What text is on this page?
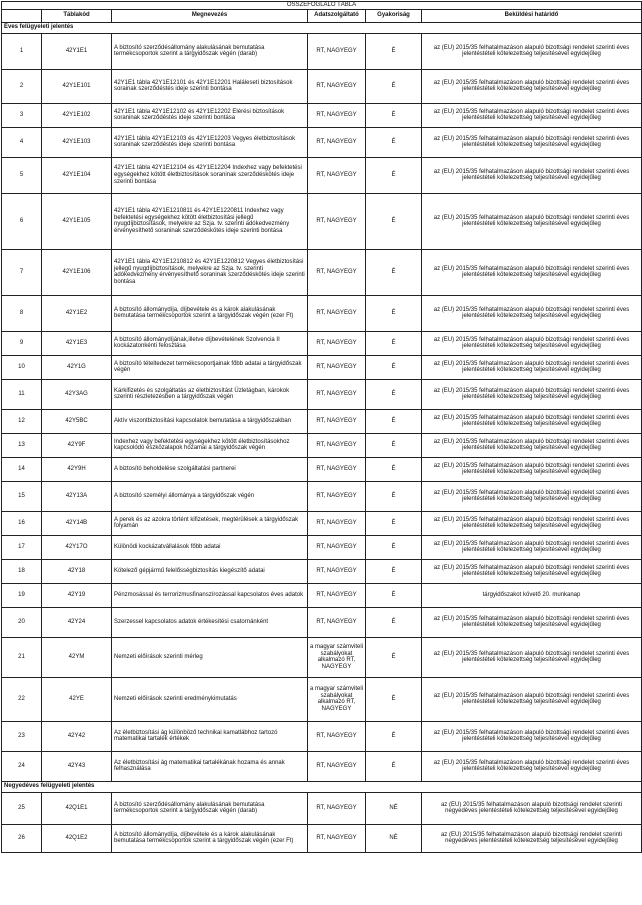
ÖSSZEFOGLALÓ TÁBLA					
	Táblakód	Megnevezés	Adatszolgáltató	Gyakoriság	Beküldési határidő
Éves felügyeleti jelentés					
1	42Y1E1	A biztosító szerződésállomány alakulásának bemutatása termékcsoportok szerint a tárgyidőszak végén (darab)	RT, NAGYEGY	É	az (EU) 2015/35 felhatalmazáson alapuló bizottsági rendelet szerinti éves jelentéstételi kötelezettség teljesítésével egyidejűleg
2	42Y1E101	42Y1E1 tábla 42Y1E12101 és 42Y1E12201 Halálesetí biztosítások sorainak szerződéstés ideje szerinti bontása	RT, NAGYEGY	É	az (EU) 2015/35 felhatalmazáson alapuló bizottsági rendelet szerinti éves jelentéstételi kötelezettség teljesítésével egyidejűleg
3	42Y1E102	42Y1E1 tábla 42Y1E12102 és 42Y1E12202 Elérési biztosítások soraninak szerződéstés ideje szerinti bontása	RT, NAGYEGY	É	az (EU) 2015/35 felhatalmazáson alapuló bizottsági rendelet szerinti éves jelentéstételi kötelezettség teljesítésével egyidejűleg
4	42Y1E103	42Y1E1 tábla 42Y1E12103 és 42Y1E12203 Vegyes életbiztosítások soraninak szerződéstés ideje szerinti bontása	RT, NAGYEGY	É	az (EU) 2015/35 felhatalmazáson alapuló bizottsági rendelet szerinti éves jelentéstételi kötelezettség teljesítésével egyidejűleg
5	42Y1E104	42Y1E1 tábla 42Y1E12104 és 42Y1E12204 Indexhez vagy befektetési egységekhez kötött életbiztosítások soraninak szerződéskötés ideje szerinti bontása	RT, NAGYEGY	É	az (EU) 2015/35 felhatalmazáson alapuló bizottsági rendelet szerinti éves jelentéstételi kötelezettség teljesítésével egyidejűleg
6	42Y1E105	42Y1E1 tábla 42Y1E1210811 és 42Y1E1220811 Indexhez vagy befektetési egységekhez kötött életbiztosítási jellegű nyugdíjbiztosítások, melyekre az Szja. tv. szerinti adókedvezmény érvényesíthető soraninak szerződéskötés ideje szerinti bontása	RT, NAGYEGY	É	az (EU) 2015/35 felhatalmazáson alapuló bizottsági rendelet szerinti éves jelentéstételi kötelezettség teljesítésével egyidejűleg
7	42Y1E106	42Y1E1 tábla 42Y1E1210812 és 42Y1E1220812 Vegyes életbiztosítási jellegű nyugdíjbiztosítások, melyekre az Szja. tv. szerinti adókedvezmény érvényesíthető soraninak szerződéskötés ideje szerinti bontása	RT, NAGYEGY	É	az (EU) 2015/35 felhatalmazáson alapuló bizottsági rendelet szerinti éves jelentéstételi kötelezettség teljesítésével egyidejűleg
8	42Y1E2	A biztosító állománydíja, díjbevétele és a károk alakulásának bemutatása termékcsoportok szerint a tárgyidőszak végén (ezer Ft)	RT, NAGYEGY	É	az (EU) 2015/35 felhatalmazáson alapuló bizottsági rendelet szerinti éves jelentéstételi kötelezettség teljesítésével egyidejűleg
9	42Y1E3	A biztosító állománydíjának,illetve díjbevételének Szolvencia II kockázatonkénti felosztása	RT, NAGYEGY	É	az (EU) 2015/35 felhatalmazáson alapuló bizottsági rendelet szerinti éves jelentéstételi kötelezettség teljesítésével egyidejűleg
10	42Y1G	A biztosító tételtedezet termékcsoportjainak főbb adatai a tárgyidőszak végén	RT, NAGYEGY	É	az (EU) 2015/35 felhatalmazáson alapuló bizottsági rendelet szerinti éves jelentéstételi kötelezettség teljesítésével egyidejűleg
11	42Y3AG	Kárkifizetés és szolgáltatás az életbiztosítást Üzletágban, károkok szerinti részletezésben a tárgyidőszak végén	RT, NAGYEGY	É	az (EU) 2015/35 felhatalmazáson alapuló bizottsági rendelet szerinti éves jelentéstételi kötelezettség teljesítésével egyidejűleg
12	42Y5BC	Aktív viszontbiztosítási kapcsolatok bemutatása a tárgyidőszakban	RT, NAGYEGY	É	az (EU) 2015/35 felhatalmazáson alapuló bizottsági rendelet szerinti éves jelentéstételi kötelezettség teljesítésével egyidejűleg
13	42Y9F	Indexhez vagy befektetési egységekhez kötött életbiztosításokhoz kapcsolódó eszközalapok hozamai a tárgyidőszak végén	RT, NAGYEGY	É	az (EU) 2015/35 felhatalmazáson alapuló bizottsági rendelet szerinti éves jelentéstételi kötelezettség teljesítésével egyidejűleg
14	42Y9H	A biztosító beholdelése szolgáltatási partnerei	RT, NAGYEGY	É	az (EU) 2015/35 felhatalmazáson alapuló bizottsági rendelet szerinti éves jelentéstételi kötelezettség teljesítésével egyidejűleg
15	42Y13A	A biztosító személyi állománya a tárgyidőszak végén	RT, NAGYEGY	É	az (EU) 2015/35 felhatalmazáson alapuló bizottsági rendelet szerinti éves jelentéstételi kötelezettség teljesítésével egyidejűleg
16	42Y14B	A perek és az azokra történt kifizetések, megtérülések a tárgyidőszak folyamán	RT, NAGYEGY	É	az (EU) 2015/35 felhatalmazáson alapuló bizottsági rendelet szerinti éves jelentéstételi kötelezettség teljesítésével egyidejűleg
17	42Y17O	Különödi kockázatvállalások főbb adatai	RT, NAGYEGY	É	az (EU) 2015/35 felhatalmazáson alapuló bizottsági rendelet szerinti éves jelentéstételi kötelezettség teljesítésével egyidejűleg
18	42Y18	Kötelező gépjármű felelősségbiztosítás kiegészítő adatai	RT, NAGYEGY	É	az (EU) 2015/35 felhatalmazáson alapuló bizottsági rendelet szerinti éves jelentéstételi kötelezettség teljesítésével egyidejűleg
19	42Y19	Pénzmosással és terrorizmusfinanszírozással kapcsolatos éves adatok	RT, NAGYEGY	É	tárgyidőszakot követő 20. munkanap
20	42Y24	Szerzessel kapcsolatos adatok értékesítési csatornánként	RT, NAGYEGY	É	az (EU) 2015/35 felhatalmazáson alapuló bizottsági rendelet szerinti éves jelentéstételi kötelezettség teljesítésével egyidejűleg
21	42YM	Nemzeti előírások szerinti mérleg	a magyar számviteli szabályokat alkalmazó RT, NAGYEGY	É	az (EU) 2015/35 felhatalmazáson alapuló bizottsági rendelet szerinti éves jelentéstételi kötelezettség teljesítésével egyidejűleg
22	42YE	Nemzeti előírások szerinti eredménykimutatás	a magyar számviteli szabályokat alkalmazó RT, NAGYEGY	É	az (EU) 2015/35 felhatalmazáson alapuló bizottsági rendelet szerinti éves jelentéstételi kötelezettség teljesítésével egyidejűleg
23	42Y42	Az életbiztosítási ág különböző technikai kamatlábhoz tartozó matematikai tartalék értékek	RT, NAGYEGY	É	az (EU) 2015/35 felhatalmazáson alapuló bizottsági rendelet szerinti éves jelentéstételi kötelezettség teljesítésével egyidejűleg
24	42Y43	Az életbiztosítási ág matematikai tartalékának hozama és annak felhasználása	RT, NAGYEGY	É	az (EU) 2015/35 felhatalmazáson alapuló bizottsági rendelet szerinti éves jelentéstételi kötelezettség teljesítésével egyidejűleg
Negyedéves felügyeleti jelentés					
25	42Q1E1	A biztosító szerződésállomány alakulásának bemutatása termékcsoportok szerint a tárgyidőszak végén (darab)	RT, NAGYEGY	NÉ	az (EU) 2015/35 felhatalmazáson alapuló bizottsági rendelet szerinti negyedéves jelentéstételi kötelezettség teljesítésével egyidejűleg
26	42Q1E2	A biztosító állománydíja, díjbevétele és a károk alakulásának bemutatása termékcsoportok szerint a tárgyidőszak végén (ezer Ft)	RT, NAGYEGY	NÉ	az (EU) 2015/35 felhatalmazáson alapuló bizottsági rendelet szerinti negyedéves jelentéstételi kötelezettség teljesítésével egyidejűleg
